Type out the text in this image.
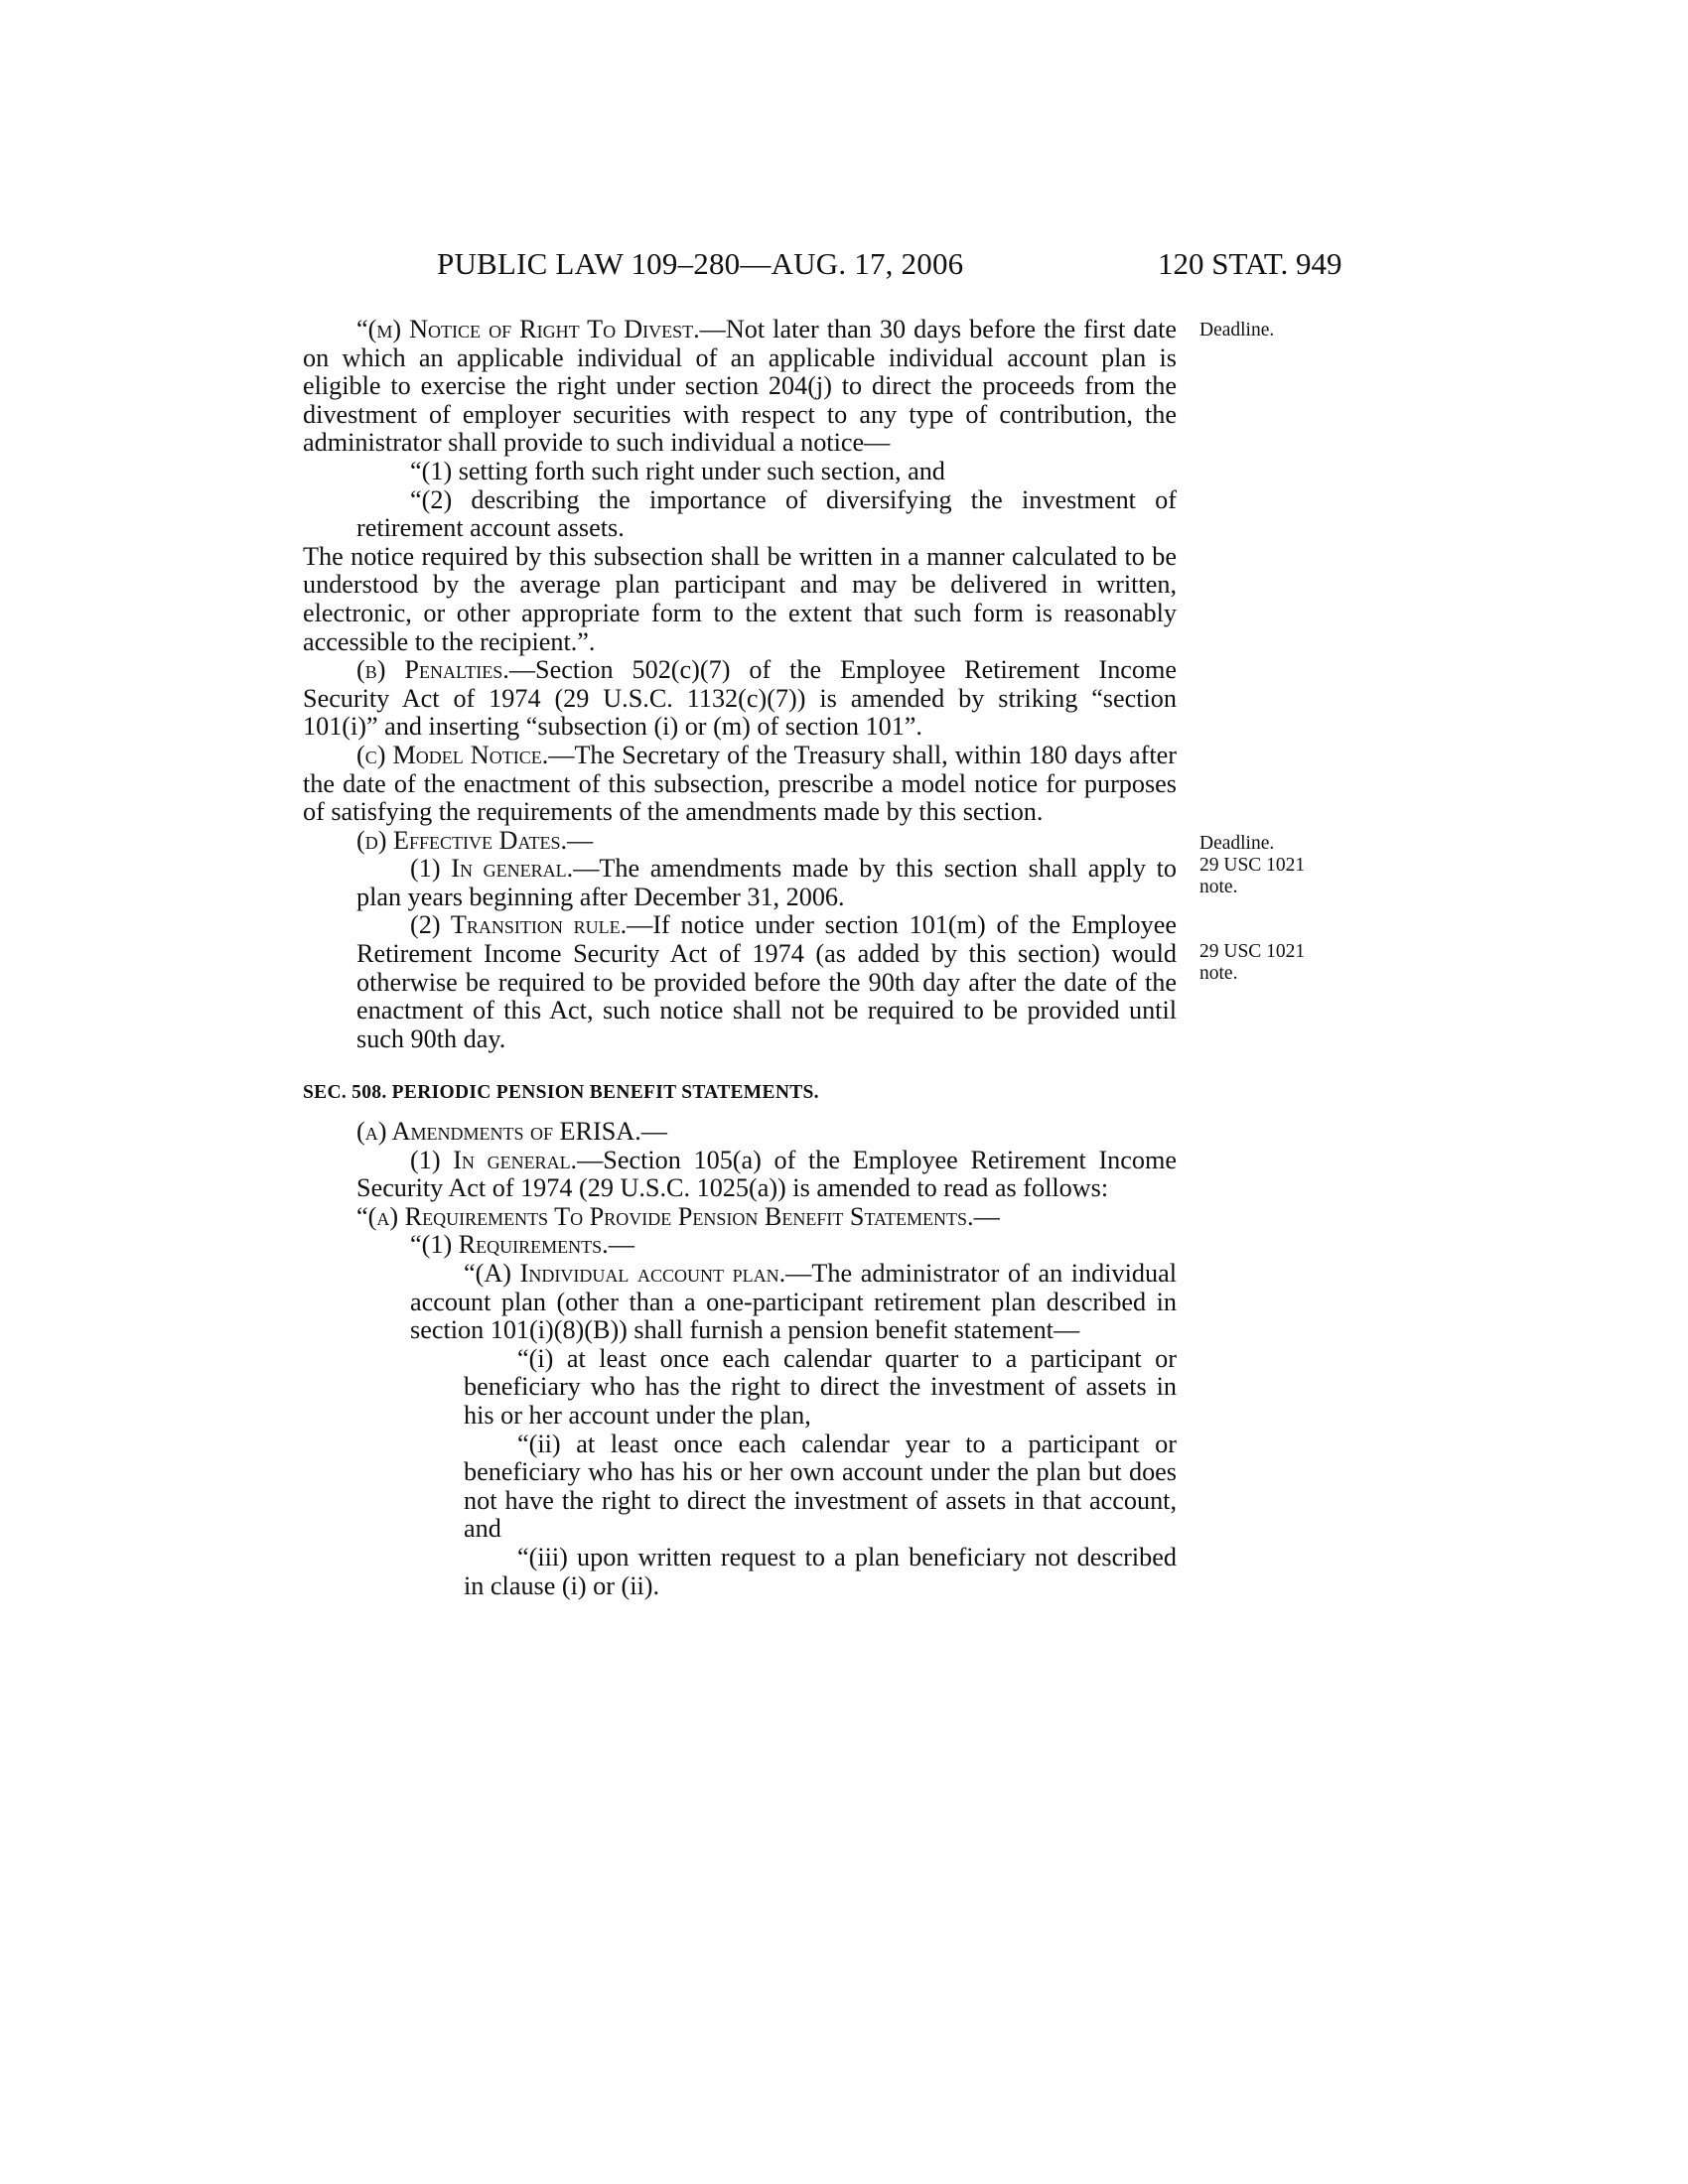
PUBLIC LAW 109–280—AUG. 17, 2006	120 STAT. 949
Deadline.
Deadline.
29 USC 1021
note.
29 USC 1021
note.

“(m) Notice of Right To Divest.—Not later than 30 days before the first date on which an applicable individual of an applicable individual account plan is eligible to exercise the right under section 204(j) to direct the proceeds from the divestment of employer securities with respect to any type of contribution, the administrator shall provide to such individual a notice—

“(1) setting forth such right under such section, and

“(2) describing the importance of diversifying the investment of retirement account assets.

The notice required by this subsection shall be written in a manner calculated to be understood by the average plan participant and may be delivered in written, electronic, or other appropriate form to the extent that such form is reasonably accessible to the recipient.”.

(b) Penalties.—Section 502(c)(7) of the Employee Retirement Income Security Act of 1974 (29 U.S.C. 1132(c)(7)) is amended by striking “section 101(i)” and inserting “subsection (i) or (m) of section 101”.

(c) Model Notice.—The Secretary of the Treasury shall, within 180 days after the date of the enactment of this subsection, prescribe a model notice for purposes of satisfying the requirements of the amendments made by this section.

(d) Effective Dates.—

(1) In general.—The amendments made by this section shall apply to plan years beginning after December 31, 2006.

(2) Transition rule.—If notice under section 101(m) of the Employee Retirement Income Security Act of 1974 (as added by this section) would otherwise be required to be provided before the 90th day after the date of the enactment of this Act, such notice shall not be required to be provided until such 90th day.

SEC. 508. PERIODIC PENSION BENEFIT STATEMENTS.

(a) Amendments of ERISA.—

(1) In general.—Section 105(a) of the Employee Retirement Income Security Act of 1974 (29 U.S.C. 1025(a)) is amended to read as follows:

“(a) Requirements To Provide Pension Benefit Statements.—

“(1) Requirements.—

“(A) Individual account plan.—The administrator of an individual account plan (other than a one-participant retirement plan described in section 101(i)(8)(B)) shall furnish a pension benefit statement—

“(i) at least once each calendar quarter to a participant or beneficiary who has the right to direct the investment of assets in his or her account under the plan,

“(ii) at least once each calendar year to a participant or beneficiary who has his or her own account under the plan but does not have the right to direct the investment of assets in that account, and

“(iii) upon written request to a plan beneficiary not described in clause (i) or (ii).
